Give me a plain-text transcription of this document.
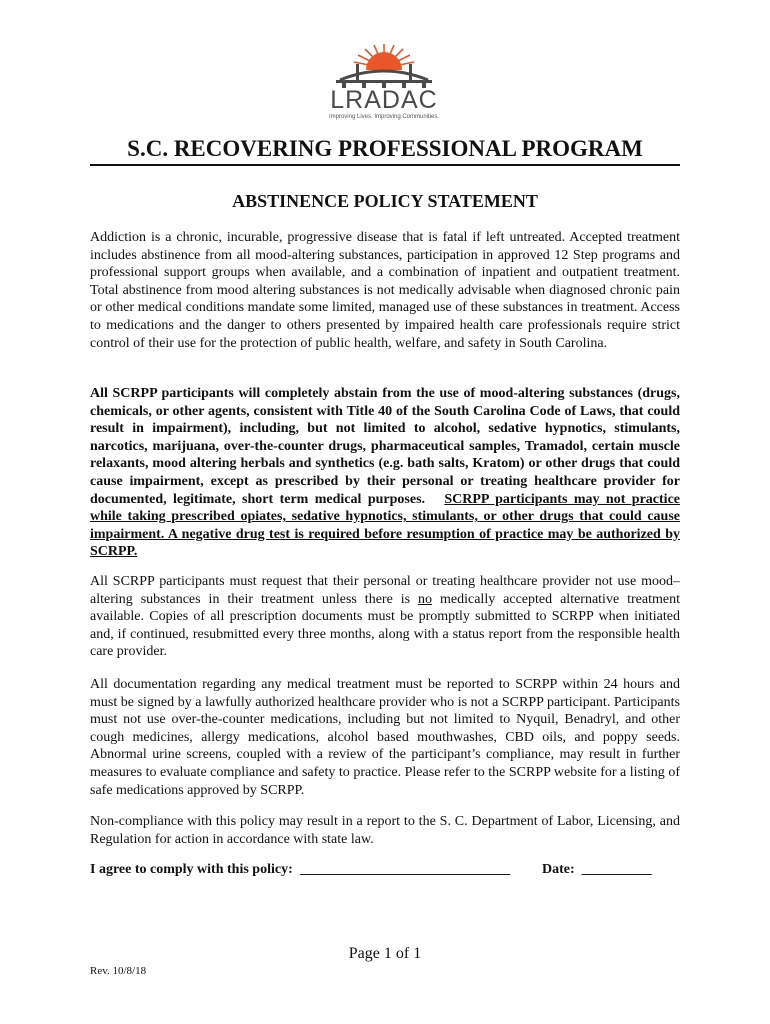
LRADAC
Improving Lives. Improving Communities.
S.C. RECOVERING PROFESSIONAL PROGRAM
ABSTINENCE POLICY STATEMENT

Addiction is a chronic, incurable, progressive disease that is fatal if left untreated. Accepted treatment includes abstinence from all mood-altering substances, participation in approved 12 Step programs and professional support groups when available, and a combination of inpatient and outpatient treatment. Total abstinence from mood altering substances is not medically advisable when diagnosed chronic pain or other medical conditions mandate some limited, managed use of these substances in treatment. Access to medications and the danger to others presented by impaired health care professionals require strict control of their use for the protection of public health, welfare, and safety in South Carolina.

All SCRPP participants will completely abstain from the use of mood-altering substances (drugs, chemicals, or other agents, consistent with Title 40 of the South Carolina Code of Laws, that could result in impairment), including, but not limited to alcohol, sedative hypnotics, stimulants, narcotics, marijuana, over-the-counter drugs, pharmaceutical samples, Tramadol, certain muscle relaxants, mood altering herbals and synthetics (e.g. bath salts, Kratom) or other drugs that could cause impairment, except as prescribed by their personal or treating healthcare provider for documented, legitimate, short term medical purposes. SCRPP participants may not practice while taking prescribed opiates, sedative hypnotics, stimulants, or other drugs that could cause impairment. A negative drug test is required before resumption of practice may be authorized by SCRPP.

All SCRPP participants must request that their personal or treating healthcare provider not use mood–altering substances in their treatment unless there is no medically accepted alternative treatment available. Copies of all prescription documents must be promptly submitted to SCRPP when initiated and, if continued, resubmitted every three months, along with a status report from the responsible health care provider.

All documentation regarding any medical treatment must be reported to SCRPP within 24 hours and must be signed by a lawfully authorized healthcare provider who is not a SCRPP participant. Participants must not use over-the-counter medications, including but not limited to Nyquil, Benadryl, and other cough medicines, allergy medications, alcohol based mouthwashes, CBD oils, and poppy seeds. Abnormal urine screens, coupled with a review of the participant’s compliance, may result in further measures to evaluate compliance and safety to practice. Please refer to the SCRPP website for a listing of safe medications approved by SCRPP.

Non-compliance with this policy may result in a report to the S. C. Department of Labor, Licensing, and Regulation for action in accordance with state law.

I agree to comply with this policy: ______________________________ Date: __________
Page 1 of 1
Rev. 10/8/18
